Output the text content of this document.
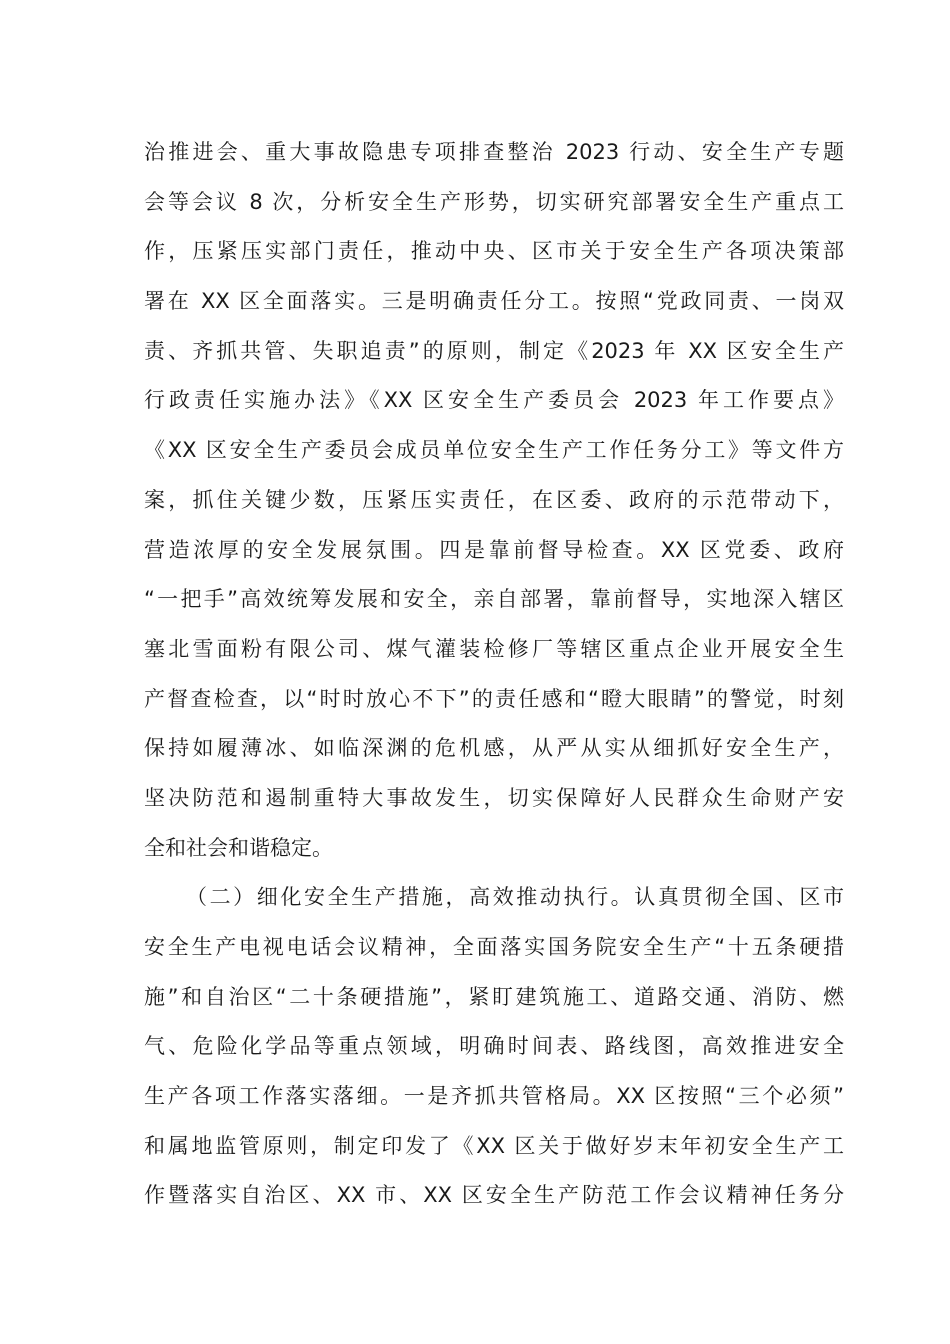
治推进会、重大事故隐患专项排查整治 2023 行动、安全生产专题
会等会议 8 次，分析安全生产形势，切实研究部署安全生产重点工
作，压紧压实部门责任，推动中央、区市关于安全生产各项决策部
署在 XX 区全面落实。三是明确责任分工。按照“党政同责、一岗双
责、齐抓共管、失职追责”的原则，制定《2023 年 XX 区安全生产
行政责任实施办法》《XX 区安全生产委员会 2023 年工作要点》
《XX 区安全生产委员会成员单位安全生产工作任务分工》等文件方
案，抓住关键少数，压紧压实责任，在区委、政府的示范带动下，
营造浓厚的安全发展氛围。四是靠前督导检查。XX 区党委、政府
“一把手”高效统筹发展和安全，亲自部署，靠前督导，实地深入辖区
塞北雪面粉有限公司、煤气灌装检修厂等辖区重点企业开展安全生
产督查检查，以“时时放心不下”的责任感和“瞪大眼睛”的警觉，时刻
保持如履薄冰、如临深渊的危机感，从严从实从细抓好安全生产，
坚决防范和遏制重特大事故发生，切实保障好人民群众生命财产安
全和社会和谐稳定。
（二）细化安全生产措施，高效推动执行。认真贯彻全国、区市
安全生产电视电话会议精神，全面落实国务院安全生产“十五条硬措
施”和自治区“二十条硬措施”，紧盯建筑施工、道路交通、消防、燃
气、危险化学品等重点领域，明确时间表、路线图，高效推进安全
生产各项工作落实落细。一是齐抓共管格局。XX 区按照“三个必须”
和属地监管原则，制定印发了《XX 区关于做好岁末年初安全生产工
作暨落实自治区、XX 市、XX 区安全生产防范工作会议精神任务分
